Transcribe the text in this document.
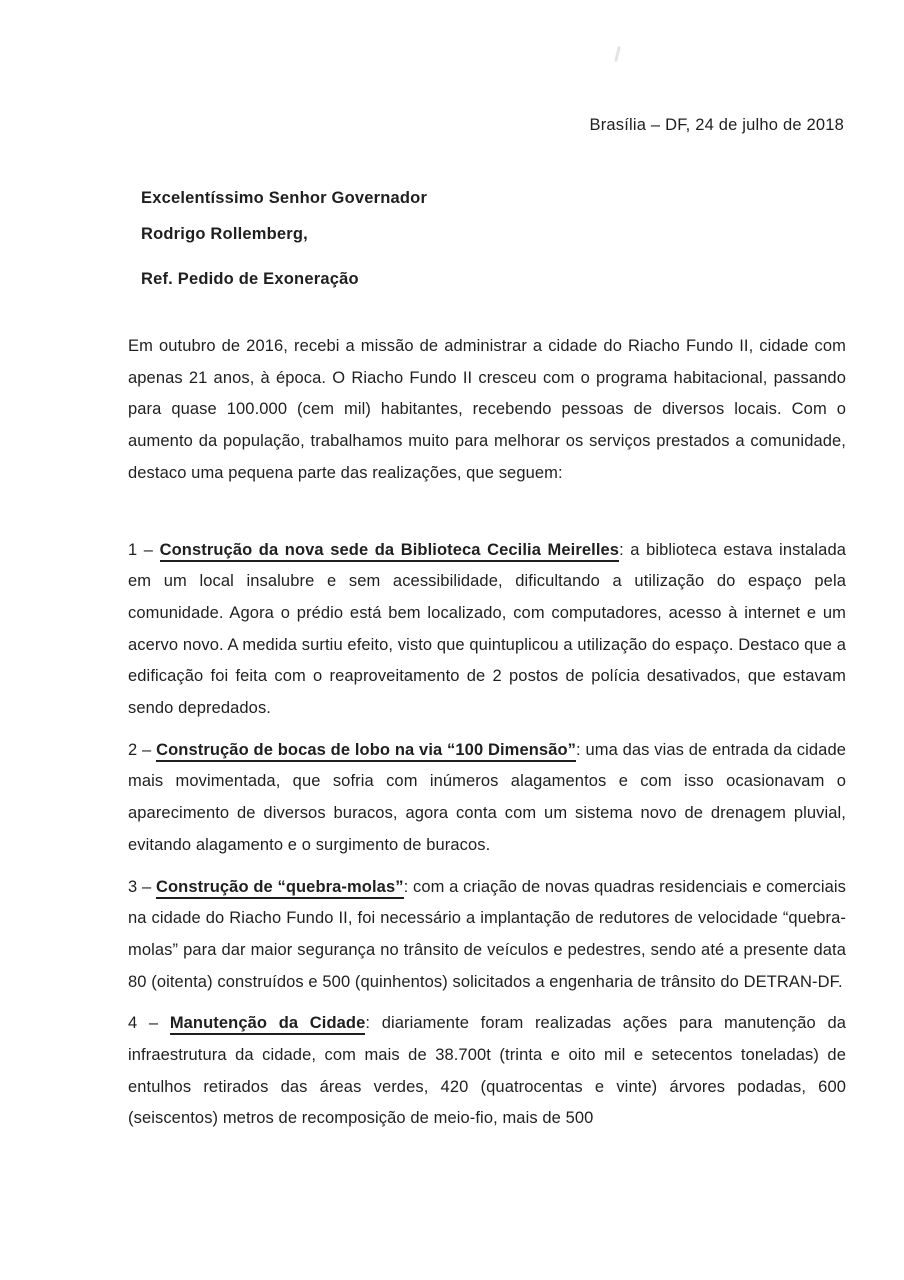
Brasília – DF, 24 de julho de 2018
Excelentíssimo Senhor Governador
Rodrigo Rollemberg,
Ref. Pedido de Exoneração

Em outubro de 2016, recebi a missão de administrar a cidade do Riacho Fundo II, cidade com apenas 21 anos, à época. O Riacho Fundo II cresceu com o programa habitacional, passando para quase 100.000 (cem mil) habitantes, recebendo pessoas de diversos locais. Com o aumento da população, trabalhamos muito para melhorar os serviços prestados a comunidade, destaco uma pequena parte das realizações, que seguem:

1 – Construção da nova sede da Biblioteca Cecilia Meirelles: a biblioteca estava instalada em um local insalubre e sem acessibilidade, dificultando a utilização do espaço pela comunidade. Agora o prédio está bem localizado, com computadores, acesso à internet e um acervo novo. A medida surtiu efeito, visto que quintuplicou a utilização do espaço. Destaco que a edificação foi feita com o reaproveitamento de 2 postos de polícia desativados, que estavam sendo depredados.

2 – Construção de bocas de lobo na via “100 Dimensão”: uma das vias de entrada da cidade mais movimentada, que sofria com inúmeros alagamentos e com isso ocasionavam o aparecimento de diversos buracos, agora conta com um sistema novo de drenagem pluvial, evitando alagamento e o surgimento de buracos.

3 – Construção de “quebra-molas”: com a criação de novas quadras residenciais e comerciais na cidade do Riacho Fundo II, foi necessário a implantação de redutores de velocidade “quebra-molas” para dar maior segurança no trânsito de veículos e pedestres, sendo até a presente data 80 (oitenta) construídos e 500 (quinhentos) solicitados a engenharia de trânsito do DETRAN-DF.

4 – Manutenção da Cidade: diariamente foram realizadas ações para manutenção da infraestrutura da cidade, com mais de 38.700t (trinta e oito mil e setecentos toneladas) de entulhos retirados das áreas verdes, 420 (quatrocentas e vinte) árvores podadas, 600 (seiscentos) metros de recomposição de meio-fio, mais de 500
